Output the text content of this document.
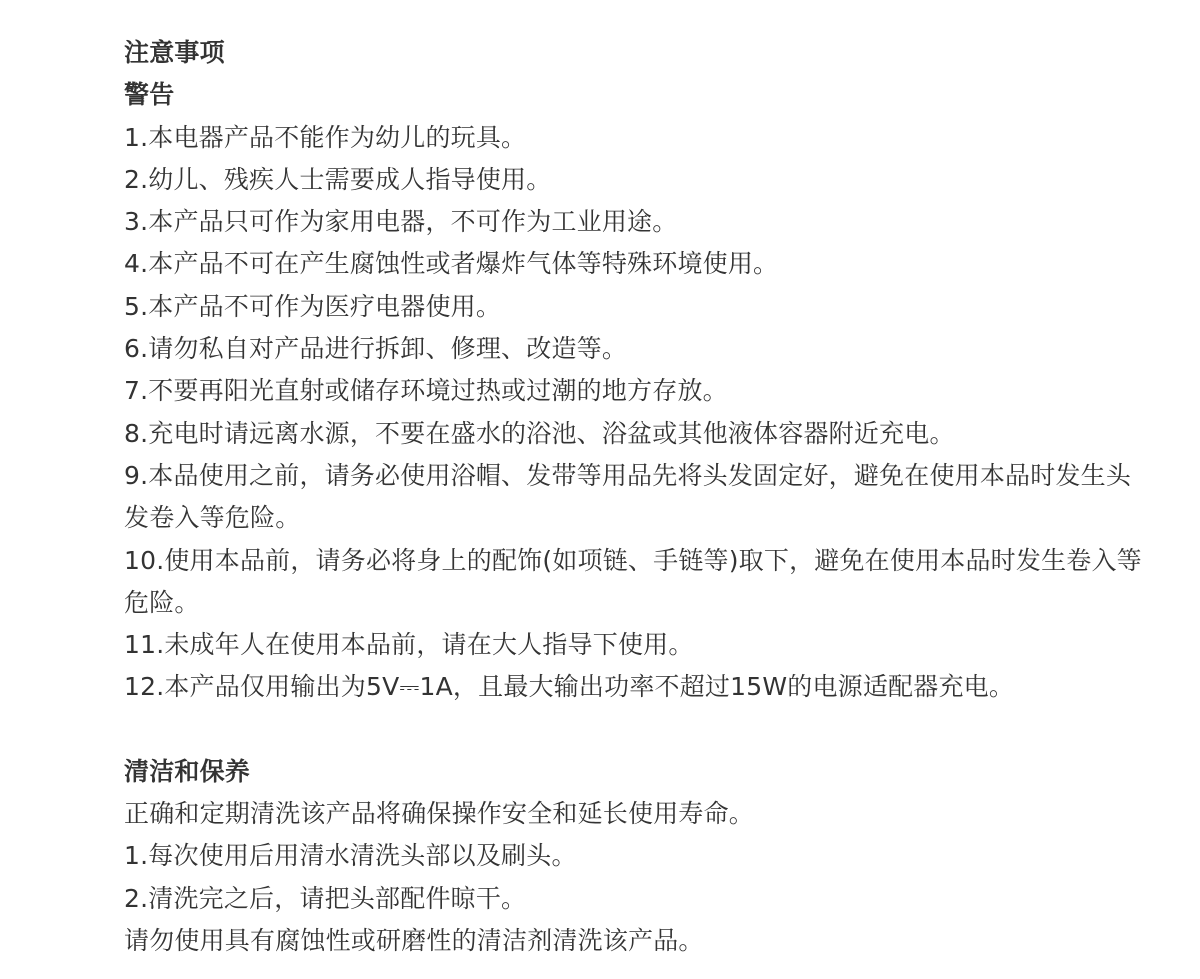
注意事项

警告

1.本电器产品不能作为幼儿的玩具。

2.幼儿、残疾人士需要成人指导使用。

3.本产品只可作为家用电器，不可作为工业用途。

4.本产品不可在产生腐蚀性或者爆炸气体等特殊环境使用。

5.本产品不可作为医疗电器使用。

6.请勿私自对产品进行拆卸、修理、改造等。

7.不要再阳光直射或储存环境过热或过潮的地方存放。

8.充电时请远离水源，不要在盛水的浴池、浴盆或其他液体容器附近充电。

9.本品使用之前，请务必使用浴帽、发带等用品先将头发固定好，避免在使用本品时发生头发卷入等危险。

10.使用本品前，请务必将身上的配饰(如项链、手链等)取下，避免在使用本品时发生卷入等危险。

11.未成年人在使用本品前，请在大人指导下使用。

12.本产品仅用输出为5V⎓1A，且最大输出功率不超过15W的电源适配器充电。

清洁和保养

正确和定期清洗该产品将确保操作安全和延长使用寿命。

1.每次使用后用清水清洗头部以及刷头。

2.清洗完之后，请把头部配件晾干。

请勿使用具有腐蚀性或研磨性的清洁剂清洗该产品。
